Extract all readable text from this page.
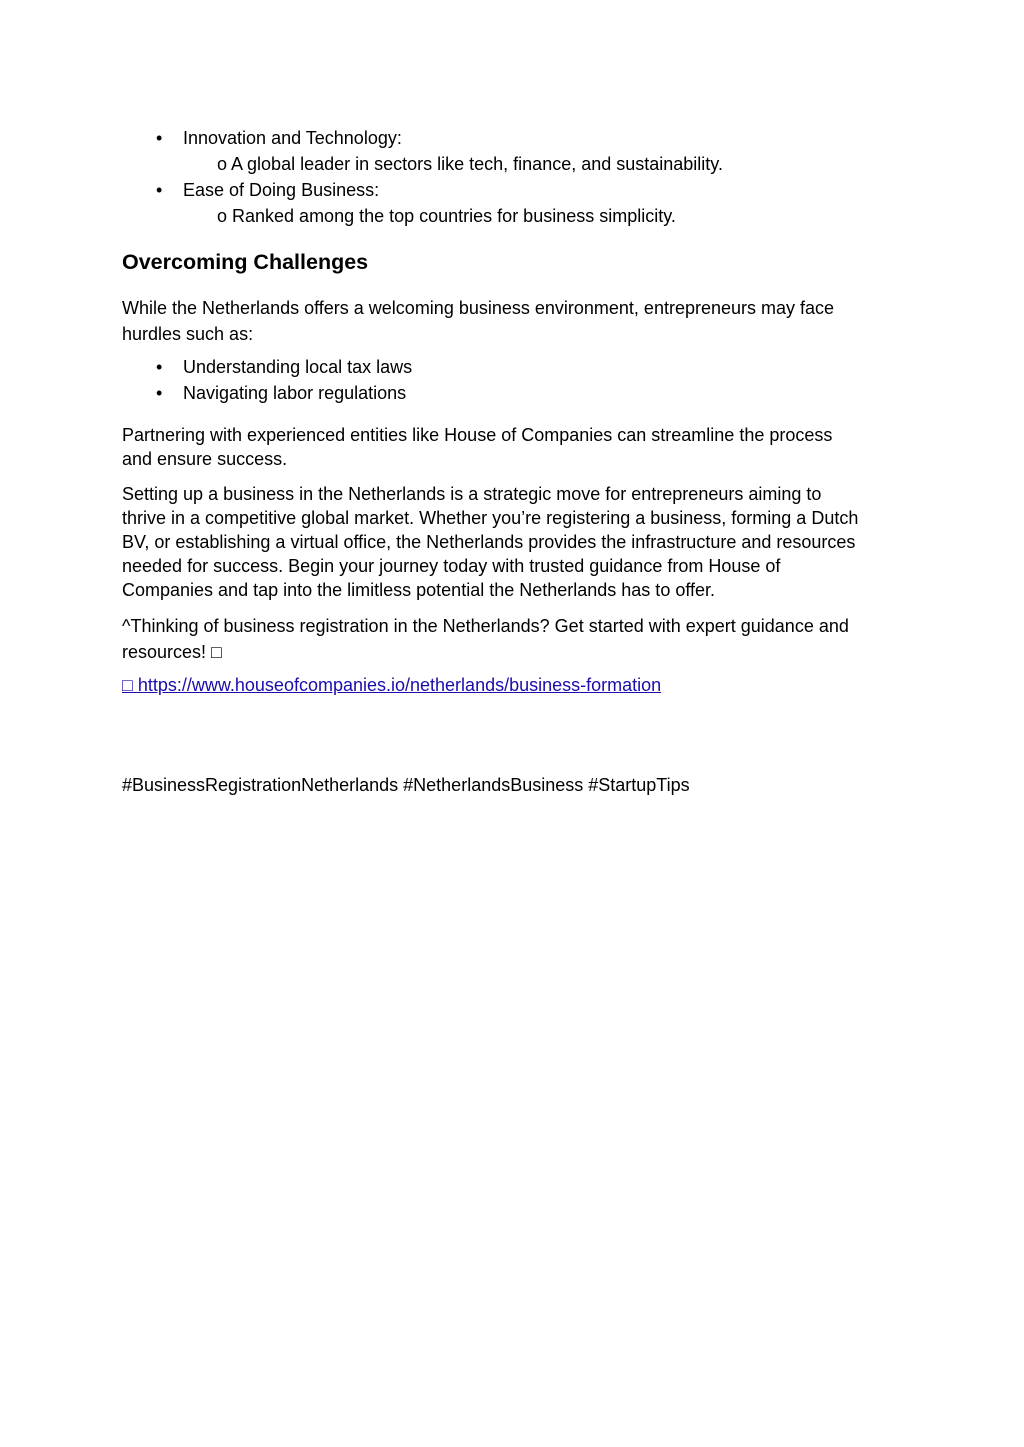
• Innovation and Technology:
o A global leader in sectors like tech, finance, and sustainability.
• Ease of Doing Business:
o Ranked among the top countries for business simplicity.
Overcoming Challenges
While the Netherlands offers a welcoming business environment, entrepreneurs may face
hurdles such as:
• Understanding local tax laws
• Navigating labor regulations
Partnering with experienced entities like House of Companies can streamline the process
and ensure success.
Setting up a business in the Netherlands is a strategic move for entrepreneurs aiming to
thrive in a competitive global market. Whether you’re registering a business, forming a Dutch
BV, or establishing a virtual office, the Netherlands provides the infrastructure and resources
needed for success. Begin your journey today with trusted guidance from House of
Companies and tap into the limitless potential the Netherlands has to offer.
^Thinking of business registration in the Netherlands? Get started with expert guidance and
resources! □
□ https://www.houseofcompanies.io/netherlands/business-formation
#BusinessRegistrationNetherlands #NetherlandsBusiness #StartupTips
